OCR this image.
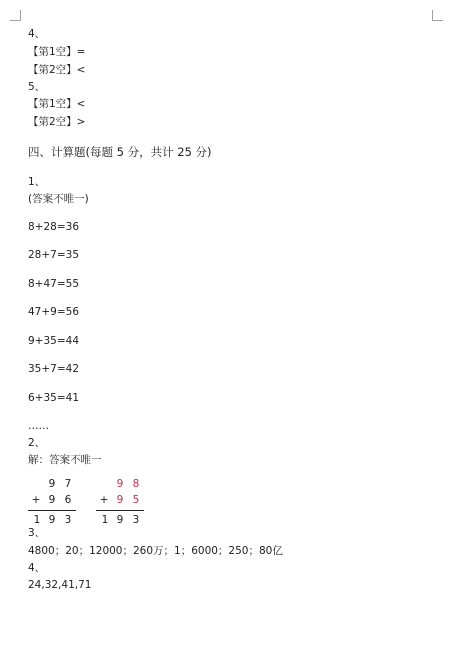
4、
【第1空】=
【第2空】<
5、
【第1空】<
【第2空】>
四、计算题(每题 5 分，共计 25 分)
1、
(答案不唯一)
8+28=36
28+7=35
8+47=55
47+9=56
9+35=44
35+7=42
6+35=41
……
2、
解：答案不唯一
9 7
+ 9 6
1 9 3
9 8
+ 9 5
1 9 3
3、
4800；20；12000；260万；1；6000；250；80亿
4、
24,32,41,71
